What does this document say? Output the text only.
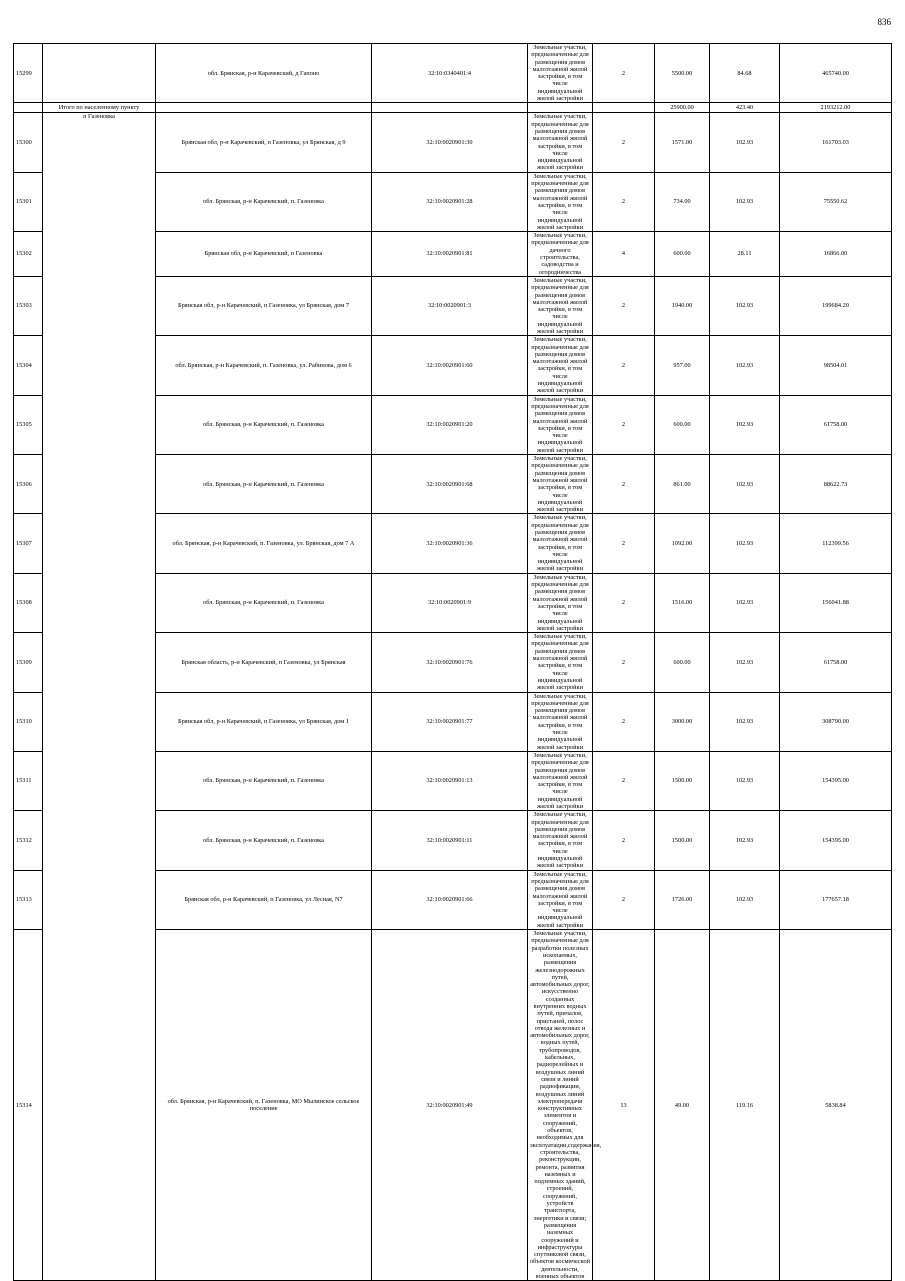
836
15299		обл. Брянская, р-н Карачевский, д Гапоно	32:10:0340401:4	Земельные участки, предназначенные для размещения домов малоэтажной жилой застройки, в том числе индивидуальной жилой застройки	2	5500.00	84.68	465740.00
	Итого по населенному пункту					25900.00	423.40	2193212.00
15300	п Газеновка	Брянская обл, р-н Карачевский, п Газеновка, ул Брянская, д 9	32:10:0020901:30	Земельные участки, предназначенные для размещения домов малоэтажной жилой застройки, в том числе индивидуальной жилой застройки	2	1571.00	102.93	161703.03
15301		обл. Брянская, р-н Карачевский, п. Газеновка	32:10:0020901:28	Земельные участки, предназначенные для размещения домов малоэтажной жилой застройки, в том числе индивидуальной жилой застройки	2	734.00	102.93	75550.62
15302		Брянская обл, р-н Карачевский, п Газеновка	32:10:0020901:81	Земельные участки, предназначенные для дачного строительства, садоводства и огородничества	4	600.00	28.11	16866.00
15303		Брянская обл, р-н Карачевский, п Газеновка, ул Брянская, дом 7	32:10:0020901:3	Земельные участки, предназначенные для размещения домов малоэтажной жилой застройки, в том числе индивидуальной жилой застройки	2	1940.00	102.93	199684.20
15304		обл. Брянская, р-н Карачевский, п. Газеновка, ул. Рабинова, дом 6	32:10:0020901:60	Земельные участки, предназначенные для размещения домов малоэтажной жилой застройки, в том числе индивидуальной жилой застройки	2	957.00	102.93	98504.01
15305		обл. Брянская, р-н Карачевский, п. Газеновка	32:10:0020901:20	Земельные участки, предназначенные для размещения домов малоэтажной жилой застройки, в том числе индивидуальной жилой застройки	2	600.00	102.93	61758.00
15306		обл. Брянская, р-н Карачевский, п. Газеновка	32:10:0020901:68	Земельные участки, предназначенные для размещения домов малоэтажной жилой застройки, в том числе индивидуальной жилой застройки	2	861.00	102.93	88622.73
15307		обл. Брянская, р-н Карачевский, п. Газеновка, ул. Брянская, дом 7 А	32:10:0020901:36	Земельные участки, предназначенные для размещения домов малоэтажной жилой застройки, в том числе индивидуальной жилой застройки	2	1092.00	102.93	112399.56
15308		обл. Брянская, р-н Карачевский, п. Газеновка	32:10:0020901:9	Земельные участки, предназначенные для размещения домов малоэтажной жилой застройки, в том числе индивидуальной жилой застройки	2	1516.00	102.93	156041.88
15309		Брянская область, р-н Карачевский, п Газеновка, ул Брянская	32:10:0020901:76	Земельные участки, предназначенные для размещения домов малоэтажной жилой застройки, в том числе индивидуальной жилой застройки	2	600.00	102.93	61758.00
15310		Брянская обл, р-н Карачевский, п Газеновка, ул Брянская, дом 1	32:10:0020901:77	Земельные участки, предназначенные для размещения домов малоэтажной жилой застройки, в том числе индивидуальной жилой застройки	2	3000.00	102.93	308790.00
15311		обл. Брянская, р-н Карачевский, п. Газеновка	32:10:0020901:13	Земельные участки, предназначенные для размещения домов малоэтажной жилой застройки, в том числе индивидуальной жилой застройки	2	1500.00	102.93	154395.00
15312		обл. Брянская, р-н Карачевский, п. Газеновка	32:10:0020901:11	Земельные участки, предназначенные для размещения домов малоэтажной жилой застройки, в том числе индивидуальной жилой застройки	2	1500.00	102.93	154395.00
15313		Брянская обл, р-н Карачевский, п Газеновка, ул Лесная, N7	32:10:0020901:66	Земельные участки, предназначенные для размещения домов малоэтажной жилой застройки, в том числе индивидуальной жилой застройки	2	1726.00	102.93	177657.18
15314		обл. Брянская, р-н Карачевский, п. Газеновка, МО Мылинское сельское поселение	32:10:0020901:49	Земельные участки, предназначенные для разработки полезных ископаемых, размещения железнодорожных путей, автомобильных дорог, искусственно созданных внутренних водных путей, причалов, пристаней, полос отвода железных и автомобильных дорог, водных путей, трубопроводов, кабельных, радиорелейных и воздушных линий связи и линий радиофикации, воздушных линий электропередачи конструктивных элементов и сооружений, объектов, необходимых для эксплуатации,содержания, строительства, реконструкции, ремонта, развития наземных и подземных зданий, строений, сооружений, устройств транспорта, энергетики и связи; размещения наземных сооружений и инфраструктуры спутниковой связи, объектов космической деятельности, военных объектов	13	49.00	119.16	5838.84
